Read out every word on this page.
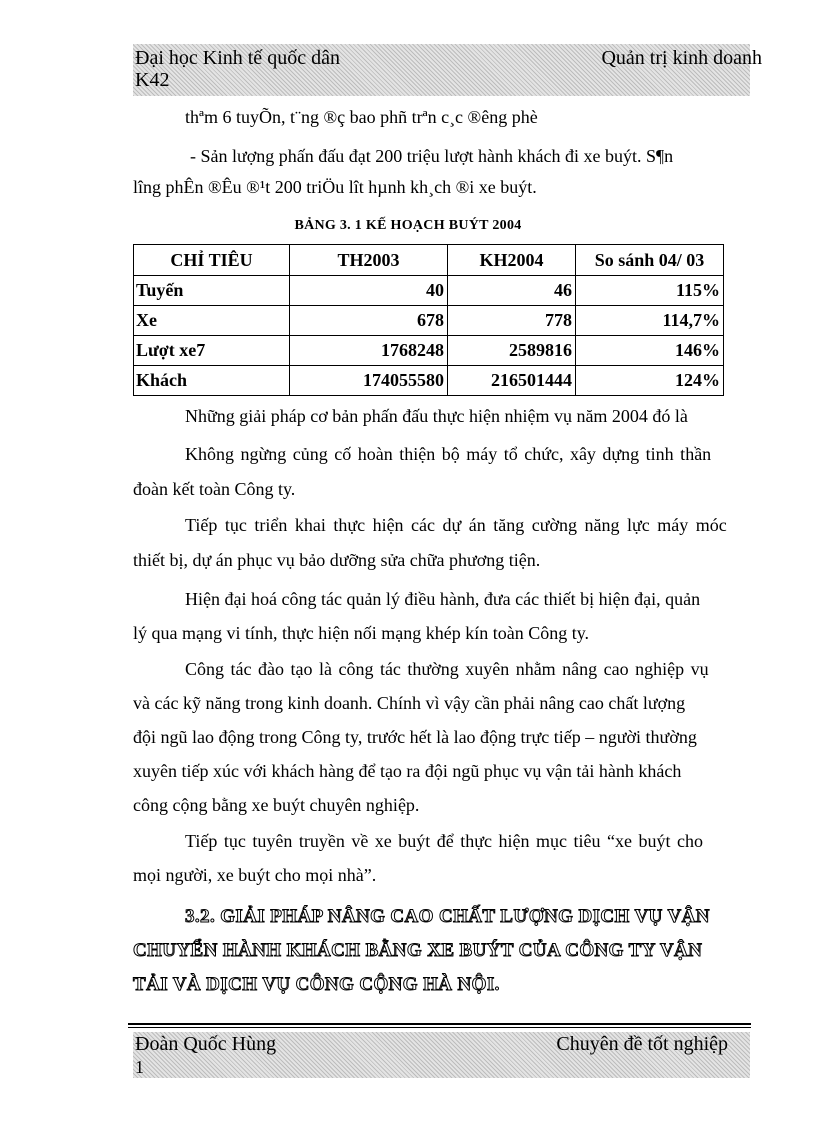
Đại học Kinh tế quốc dân	Quản trị kinh doanh
K42
thªm 6 tuyÕn, t¨ng ®ç bao phñ trªn c¸c ®êng phè
- Sản lượng phấn đấu đạt 200 triệu lượt hành khách đi xe buýt. S¶n
lîng phÊn ®Êu ®¹t 200 triÖu lît hµnh kh¸ch ®i xe buýt.
BẢNG 3. 1 KẾ HOẠCH BUÝT 2004
CHỈ TIÊU	TH2003	KH2004	So sánh 04/ 03
Tuyến	40	46	115%
Xe	678	778	114,7%
Lượt xe7	1768248	2589816	146%
Khách	174055580	216501444	124%
Những giải pháp cơ bản phấn đấu thực hiện nhiệm vụ năm 2004 đó là
Không ngừng củng cố hoàn thiện bộ máy tổ chức, xây dựng tinh thần
đoàn kết toàn Công ty.
Tiếp tục triển khai thực hiện các dự án tăng cường năng lực máy móc
thiết bị, dự án phục vụ bảo dưỡng sửa chữa phương tiện.
Hiện đại hoá công tác quản lý điều hành, đưa các thiết bị hiện đại, quản
lý qua mạng vi tính, thực hiện nối mạng khép kín toàn Công ty.
Công tác đào tạo là công tác thường xuyên nhằm nâng cao nghiệp vụ
và các kỹ năng trong kinh doanh. Chính vì vậy cần phải nâng cao chất lượng
đội ngũ lao động trong Công ty, trước hết là lao động trực tiếp – người thường
xuyên tiếp xúc với khách hàng để tạo ra đội ngũ phục vụ vận tải hành khách
công cộng bằng xe buýt chuyên nghiệp.
Tiếp tục tuyên truyền về xe buýt để thực hiện mục tiêu “xe buýt cho
mọi người, xe buýt cho mọi nhà”.
3.2. GIẢI PHÁP NÂNG CAO CHẤT LƯỢNG DỊCH VỤ VẬN
CHUYỂN HÀNH KHÁCH BẰNG XE BUÝT CỦA CÔNG TY VẬN
TẢI VÀ DỊCH VỤ CÔNG CỘNG HÀ NỘI.
Đoàn Quốc Hùng	Chuyên đề tốt nghiệp
1
